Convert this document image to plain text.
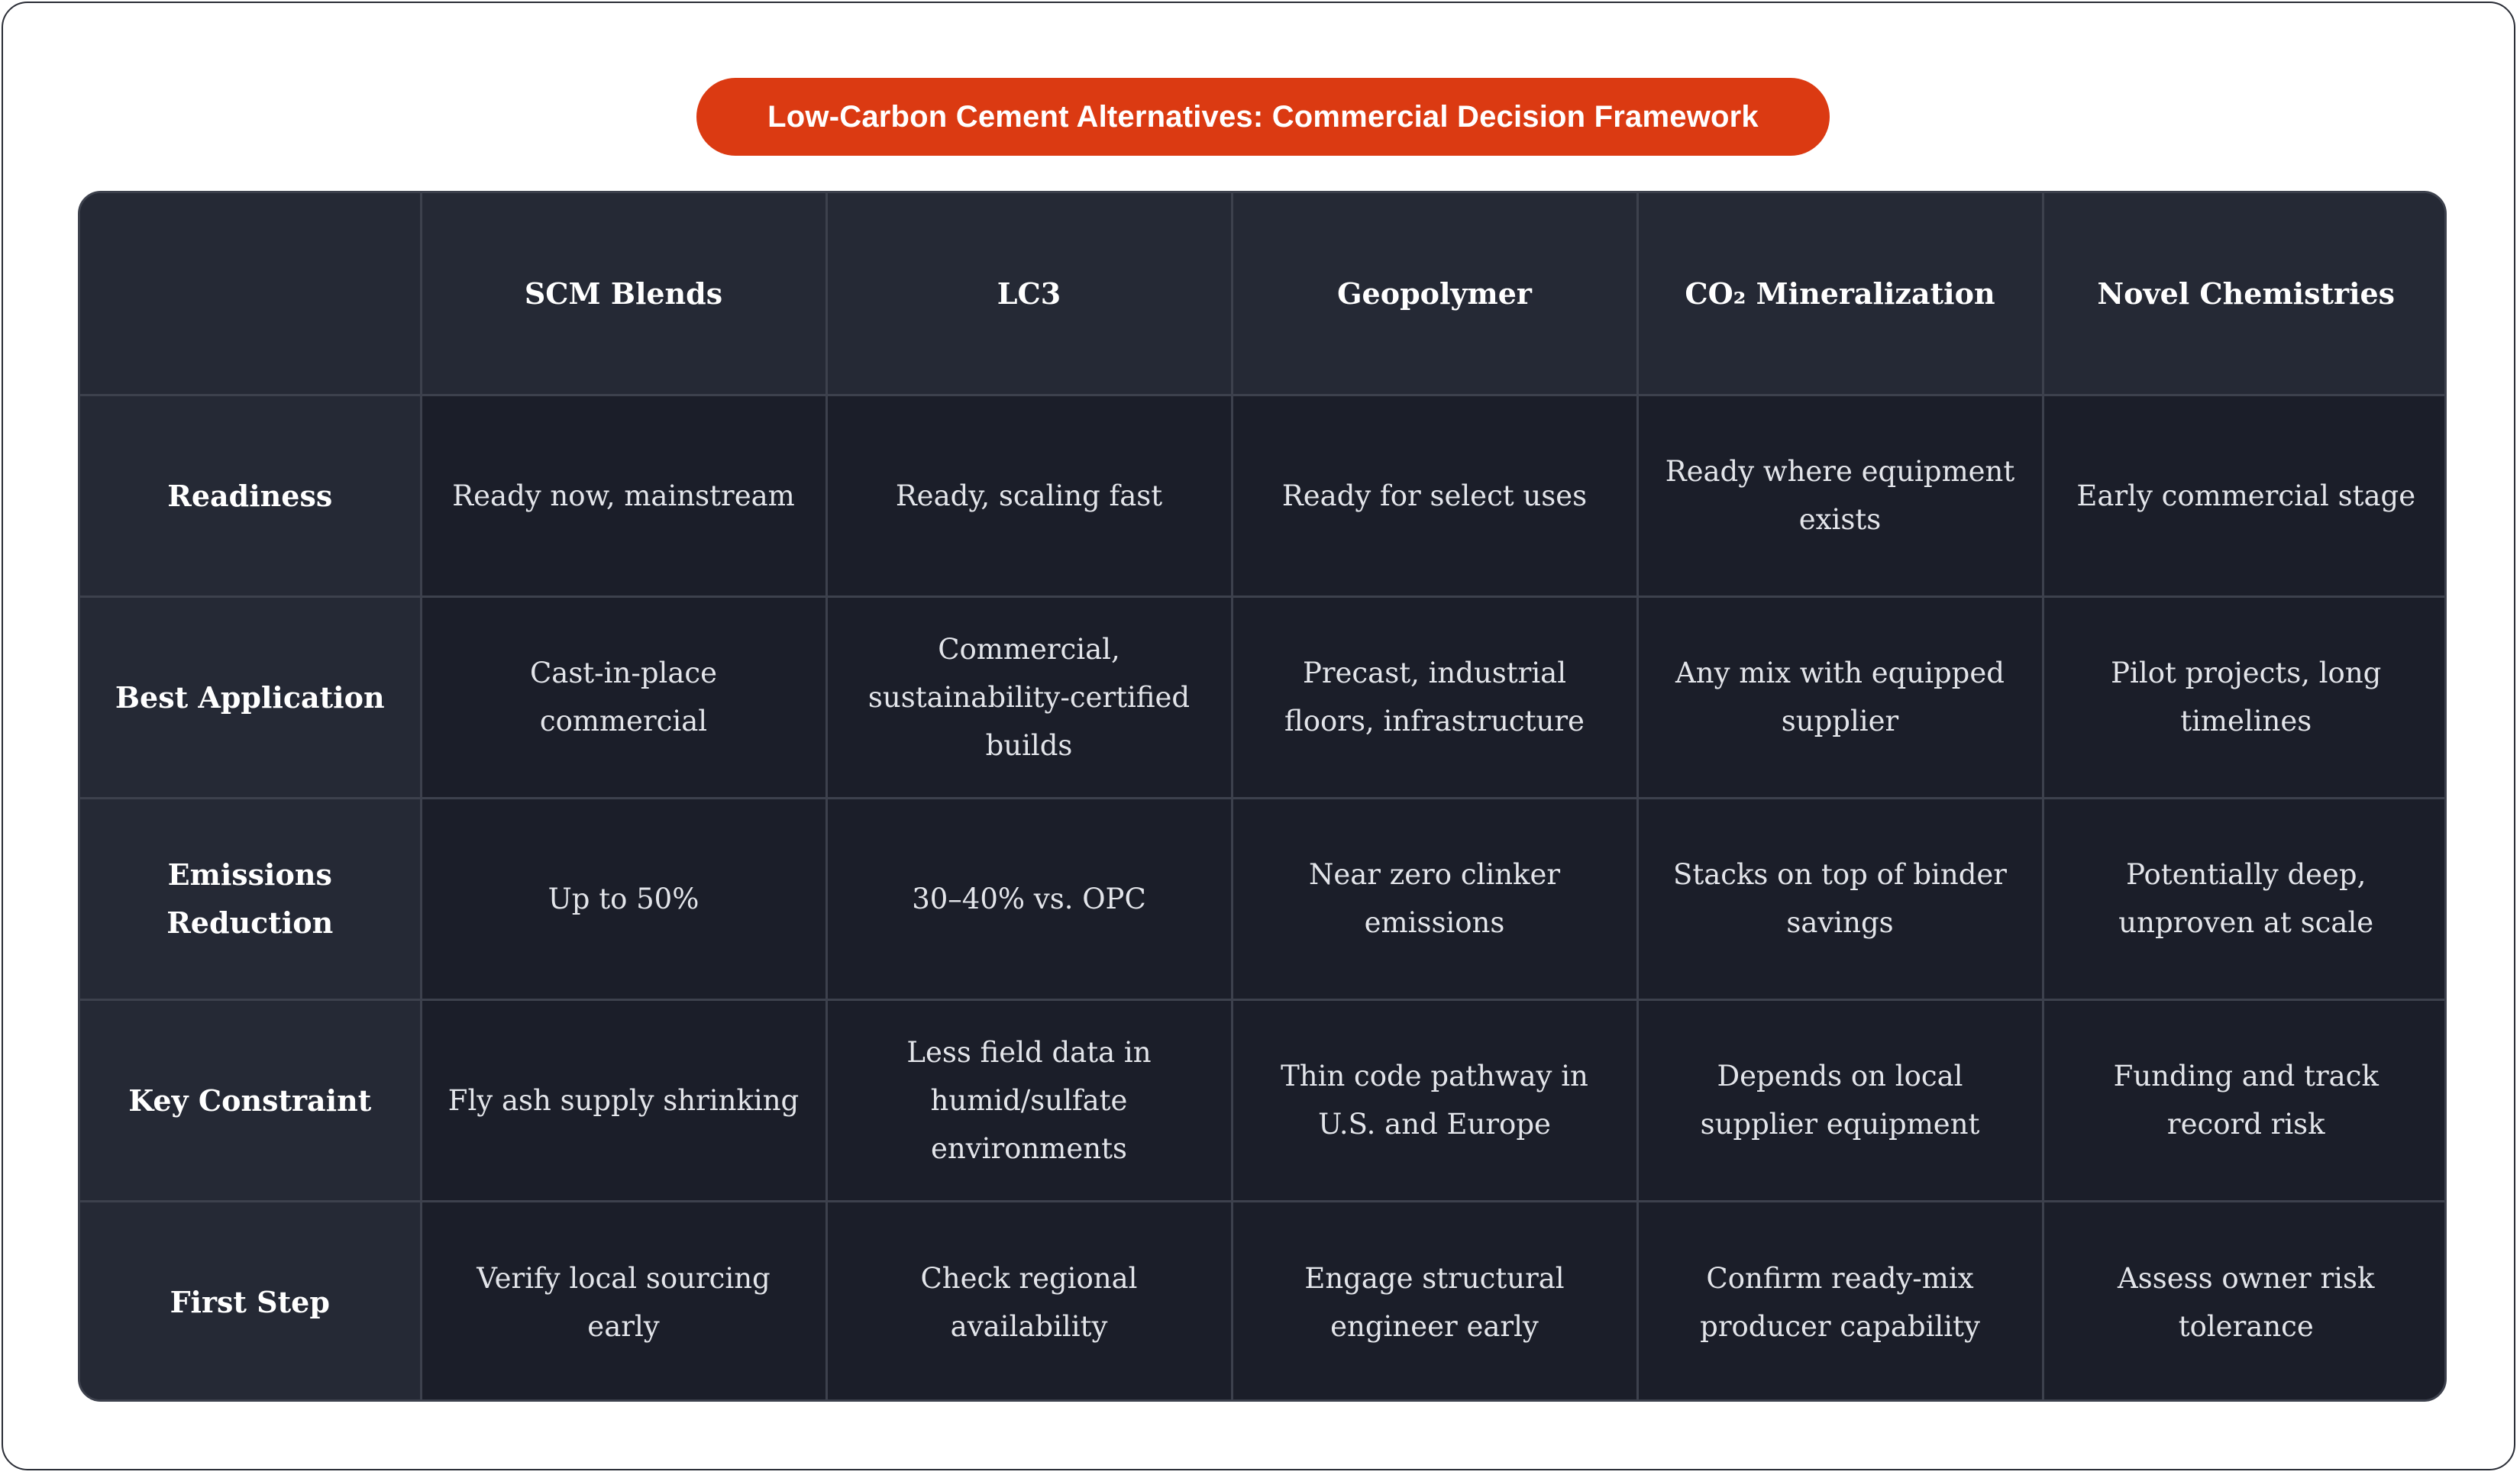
Low-Carbon Cement Alternatives: Commercial Decision Framework
	SCM Blends	LC3	Geopolymer	CO₂ Mineralization	Novel Chemistries
Readiness	Ready now, mainstream	Ready, scaling fast	Ready for select uses	Ready where equipment exists	Early commercial stage
Best Application	Cast-in-place commercial	Commercial, sustainability-certified builds	Precast, industrial floors, infrastructure	Any mix with equipped supplier	Pilot projects, long timelines
Emissions Reduction	Up to 50%	30–40% vs. OPC	Near zero clinker emissions	Stacks on top of binder savings	Potentially deep, unproven at scale
Key Constraint	Fly ash supply shrinking	Less field data in humid/sulfate environments	Thin code pathway in U.S. and Europe	Depends on local supplier equipment	Funding and track record risk
First Step	Verify local sourcing early	Check regional availability	Engage structural engineer early	Confirm ready-mix producer capability	Assess owner risk tolerance
